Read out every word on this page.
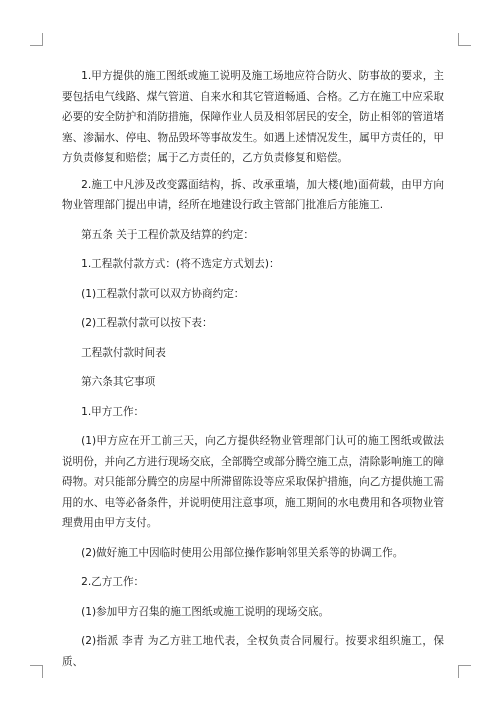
1.甲方提供的施工图纸或施工说明及施工场地应符合防火、防事故的要求，主要包括电气线路、煤气管道、自来水和其它管道畅通、合格。乙方在施工中应采取必要的安全防护和消防措施，保障作业人员及相邻居民的安全，防止相邻的管道堵塞、渗漏水、停电、物品毁坏等事故发生。如遇上述情况发生，属甲方责任的，甲方负责修复和赔偿；属于乙方责任的，乙方负责修复和赔偿。

2.施工中凡涉及改变露面结构，拆、改承重墙，加大楼(地)面荷载，由甲方向物业管理部门提出申请，经所在地建设行政主管部门批准后方能施工.

第五条 关于工程价款及结算的约定：

1.工程款付款方式：(将不选定方式划去)：

(1)工程款付款可以双方协商约定：

(2)工程款付款可以按下表：

工程款付款时间表

第六条其它事项

1.甲方工作：

(1)甲方应在开工前三天，向乙方提供经物业管理部门认可的施工图纸或做法说明份，并向乙方进行现场交底，全部腾空或部分腾空施工点，清除影响施工的障碍物。对只能部分腾空的房屋中所滞留陈设等应采取保护措施，向乙方提供施工需用的水、电等必备条件，并说明使用注意事项，施工期间的水电费用和各项物业管理费用由甲方支付。

(2)做好施工中因临时使用公用部位操作影响邻里关系等的协调工作。

2.乙方工作：

(1)参加甲方召集的施工图纸或施工说明的现场交底。

(2)指派 李青 为乙方驻工地代表，全权负责合同履行。按要求组织施工，保质、
